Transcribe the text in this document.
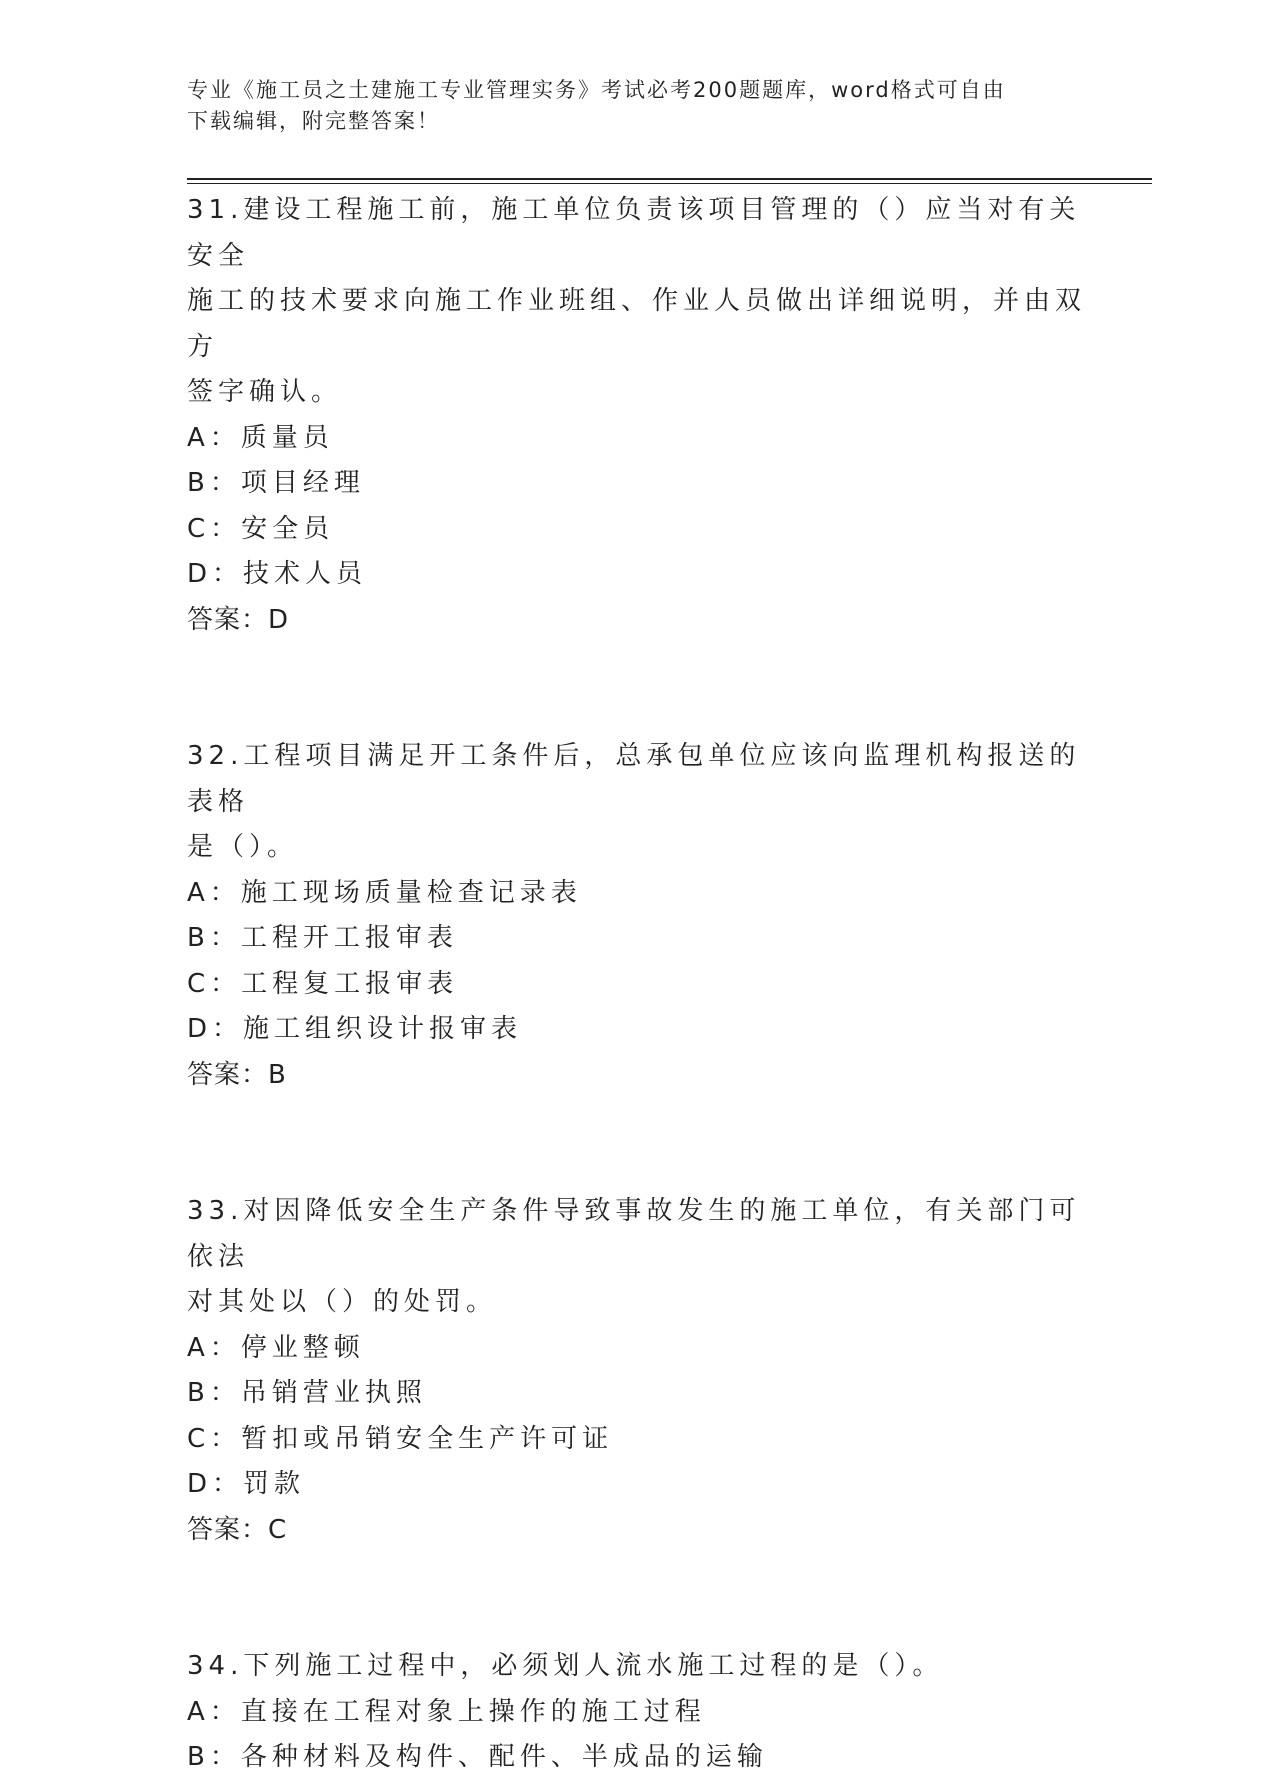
专业《施工员之土建施工专业管理实务》考试必考200题题库，word格式可自由
下载编辑，附完整答案！
31.建设工程施工前，施工单位负责该项目管理的（）应当对有关安全
施工的技术要求向施工作业班组、作业人员做出详细说明，并由双方
签字确认。
A：质量员
B：项目经理
C：安全员
D：技术人员
答案：D
32.工程项目满足开工条件后，总承包单位应该向监理机构报送的表格
是（）。
A：施工现场质量检查记录表
B：工程开工报审表
C：工程复工报审表
D：施工组织设计报审表
答案：B
33.对因降低安全生产条件导致事故发生的施工单位，有关部门可依法
对其处以（）的处罚。
A：停业整顿
B：吊销营业执照
C：暂扣或吊销安全生产许可证
D：罚款
答案：C
34.下列施工过程中，必须划人流水施工过程的是（）。
A：直接在工程对象上操作的施工过程
B：各种材料及构件、配件、半成品的运输
